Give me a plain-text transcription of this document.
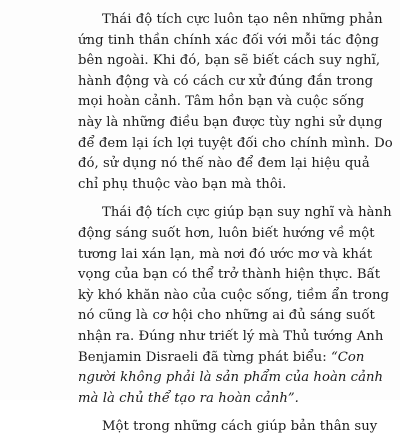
Thái độ tích cực luôn tạo nên những phản
ứng tinh thần chính xác đối với mỗi tác động
bên ngoài. Khi đó, bạn sẽ biết cách suy nghĩ,
hành động và có cách cư xử đúng đắn trong
mọi hoàn cảnh. Tâm hồn bạn và cuộc sống
này là những điều bạn được tùy nghi sử dụng
để đem lại ích lợi tuyệt đối cho chính mình. Do
đó, sử dụng nó thế nào để đem lại hiệu quả
chỉ phụ thuộc vào bạn mà thôi.
Thái độ tích cực giúp bạn suy nghĩ và hành
động sáng suốt hơn, luôn biết hướng về một
tương lai xán lạn, mà nơi đó ước mơ và khát
vọng của bạn có thể trở thành hiện thực. Bất
kỳ khó khăn nào của cuộc sống, tiềm ẩn trong
nó cũng là cơ hội cho những ai đủ sáng suốt
nhận ra. Đúng như triết lý mà Thủ tướng Anh
Benjamin Disraeli đã từng phát biểu: “Con
người không phải là sản phẩm của hoàn cảnh
mà là chủ thể tạo ra hoàn cảnh”.
Một trong những cách giúp bản thân suy
